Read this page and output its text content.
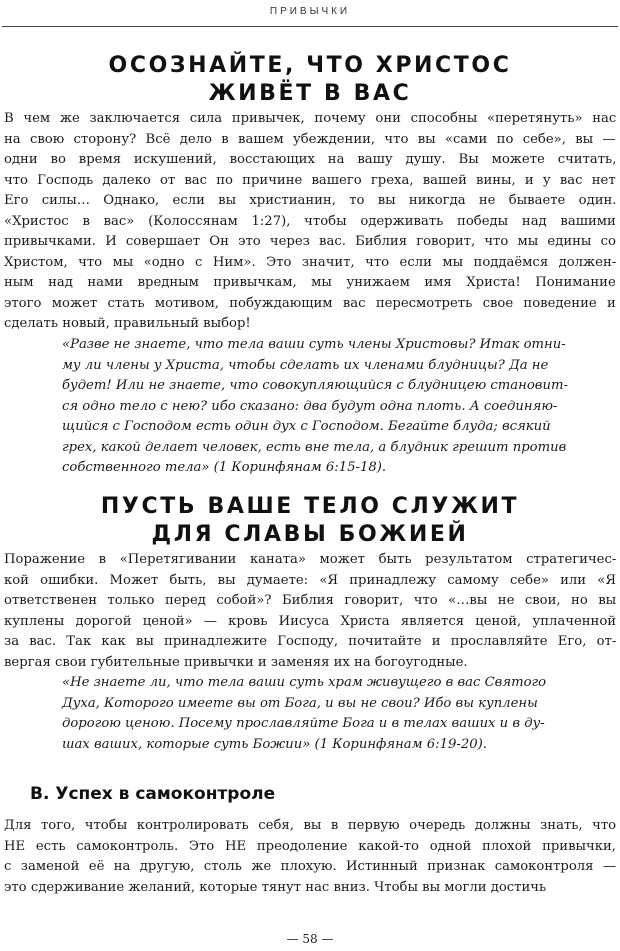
ПРИВЫЧКИ
ОСОЗНАЙТЕ, ЧТО ХРИСТОС
ЖИВЁТ В ВАС
В чем же заключается сила привычек, почему они способны «перетянуть» нас
на свою сторону? Всё дело в вашем убеждении, что вы «сами по себе», вы —
одни во время искушений, восстающих на вашу душу. Вы можете считать,
что Господь далеко от вас по причине вашего греха, вашей вины, и у вас нет
Его силы… Однако, если вы христианин, то вы никогда не бываете один.
«Христос в вас» (Колоссянам 1:27), чтобы одерживать победы над вашими
привычками. И совершает Он это через вас. Библия говорит, что мы едины со
Христом, что мы «одно с Ним». Это значит, что если мы поддаёмся должен-
ным над нами вредным привычкам, мы унижаем имя Христа! Понимание
этого может стать мотивом, побуждающим вас пересмотреть свое поведение и
сделать новый, правильный выбор!
«Разве не знаете, что тела ваши суть члены Христовы? Итак отни-
му ли члены у Христа, чтобы сделать их членами блудницы? Да не
будет! Или не знаете, что совокупляющийся с блудницею становит-
ся одно тело с нею? ибо сказано: два будут одна плоть. А соединяю-
щийся с Господом есть один дух с Господом. Бегайте блуда; всякий
грех, какой делает человек, есть вне тела, а блудник грешит против
собственного тела» (1 Коринфянам 6:15-18).
ПУСТЬ ВАШЕ ТЕЛО СЛУЖИТ
ДЛЯ СЛАВЫ БОЖИЕЙ
Поражение в «Перетягивании каната» может быть результатом стратегичес-
кой ошибки. Может быть, вы думаете: «Я принадлежу самому себе» или «Я
ответственен только перед собой»? Библия говорит, что «…вы не свои, но вы
куплены дорогой ценой» — кровь Иисуса Христа является ценой, уплаченной
за вас. Так как вы принадлежите Господу, почитайте и прославляйте Его, от-
вергая свои губительные привычки и заменяя их на богоугодные.
«Не знаете ли, что тела ваши суть храм живущего в вас Святого
Духа, Которого имеете вы от Бога, и вы не свои? Ибо вы куплены
дорогою ценою. Посему прославляйте Бога и в телах ваших и в ду-
шах ваших, которые суть Божии» (1 Коринфянам 6:19-20).
В. Успех в самоконтроле
Для того, чтобы контролировать себя, вы в первую очередь должны знать, что
НЕ есть самоконтроль. Это НЕ преодоление какой-то одной плохой привычки,
с заменой её на другую, столь же плохую. Истинный признак самоконтроля —
это сдерживание желаний, которые тянут нас вниз. Чтобы вы могли достичь
— 58 —
